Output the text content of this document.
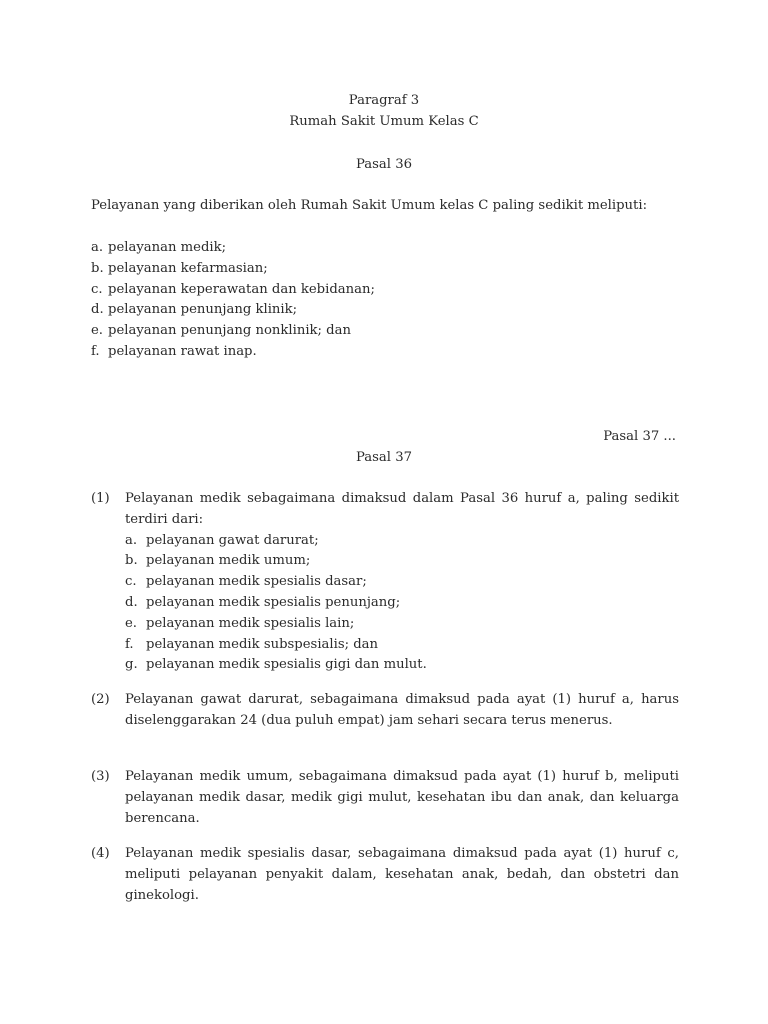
Paragraf 3
Rumah Sakit Umum Kelas C
Pasal 36
Pelayanan yang diberikan oleh Rumah Sakit Umum kelas C paling sedikit meliputi:
a. pelayanan medik;
b. pelayanan kefarmasian;
c. pelayanan keperawatan dan kebidanan;
d. pelayanan penunjang klinik;
e. pelayanan penunjang nonklinik; dan
f. pelayanan rawat inap.
Pasal 37 ...
Pasal 37
(1)	Pelayanan medik sebagaimana dimaksud dalam Pasal 36 huruf a, paling sedikit terdiri dari:
a. pelayanan gawat darurat;
b. pelayanan medik umum;
c. pelayanan medik spesialis dasar;
d. pelayanan medik spesialis penunjang;
e. pelayanan medik spesialis lain;
f. pelayanan medik subspesialis; dan
g. pelayanan medik spesialis gigi dan mulut.
(2)	Pelayanan gawat darurat, sebagaimana dimaksud pada ayat (1) huruf a, harus diselenggarakan 24 (dua puluh empat) jam sehari secara terus menerus.
(3)	Pelayanan medik umum, sebagaimana dimaksud pada ayat (1) huruf b, meliputi pelayanan medik dasar, medik gigi mulut, kesehatan ibu dan anak, dan keluarga berencana.
(4)	Pelayanan medik spesialis dasar, sebagaimana dimaksud pada ayat (1) huruf c, meliputi pelayanan penyakit dalam, kesehatan anak, bedah, dan obstetri dan ginekologi.
